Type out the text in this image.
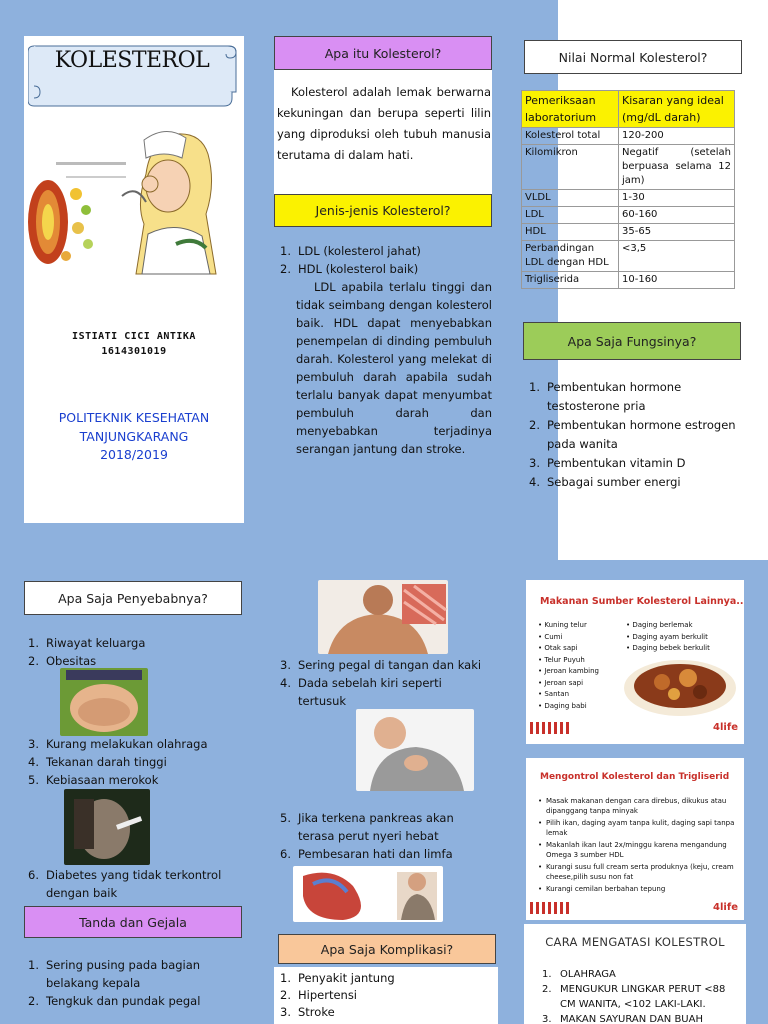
KOLESTEROL
ISTIATI CICI ANTIKA
1614301019
POLITEKNIK KESEHATAN
TANJUNGKARANG
2018/2019
Apa itu Kolesterol?
Kolesterol adalah lemak berwarna kekuningan dan berupa seperti lilin yang diproduksi oleh tubuh manusia terutama di dalam hati.
Jenis-jenis Kolesterol?
1. LDL (kolesterol jahat)
2. HDL (kolesterol baik)
LDL apabila terlalu tinggi dan tidak seimbang dengan kolesterol baik. HDL dapat menyebabkan penempelan di dinding pembuluh darah. Kolesterol yang melekat di pembuluh darah apabila sudah terlalu banyak dapat menyumbat pembuluh darah dan menyebabkan terjadinya serangan jantung dan stroke.
Nilai Normal Kolesterol?
Pemeriksaan laboratorium	Kisaran yang ideal (mg/dL darah)
Kolesterol total	120-200
Kilomikron	Negatif (setelah berpuasa selama 12 jam)
VLDL	1-30
LDL	60-160
HDL	35-65
Perbandingan LDL dengan HDL	<3,5
Trigliserida	10-160
Apa Saja Fungsinya?
1. Pembentukan hormone testosterone pria
2. Pembentukan hormone estrogen pada wanita
3. Pembentukan vitamin D
4. Sebagai sumber energi
Apa Saja Penyebabnya?
1. Riwayat keluarga
2. Obesitas
3. Kurang melakukan olahraga
4. Tekanan darah tinggi
5. Kebiasaan merokok
6. Diabetes yang tidak terkontrol dengan baik
Tanda dan Gejala
1. Sering pusing pada bagian belakang kepala
2. Tengkuk dan pundak pegal
3. Sering pegal di tangan dan kaki
4. Dada sebelah kiri seperti tertusuk
5. Jika terkena pankreas akan terasa perut nyeri hebat
6. Pembesaran hati dan limfa
Apa Saja Komplikasi?
1. Penyakit jantung
2. Hipertensi
3. Stroke
Makanan Sumber Kolesterol Lainnya..
• Kuning telur
• Cumi
• Otak sapi
• Telur Puyuh
• Jeroan kambing
• Jeroan sapi
• Santan
• Daging babi
• Daging berlemak
• Daging ayam berkulit
• Daging bebek berkulit
4life
Mengontrol Kolesterol dan Trigliserid
• Masak makanan dengan cara direbus, dikukus atau dipanggang tanpa minyak
• Pilih ikan, daging ayam tanpa kulit, daging sapi tanpa lemak
• Makanlah ikan laut 2x/minggu karena mengandung Omega 3 sumber HDL
• Kurangi susu full cream serta produknya (keju, cream cheese,pilih susu non fat
• Kurangi cemilan berbahan tepung
4life
CARA MENGATASI KOLESTROL
1. OLAHRAGA
2. MENGUKUR LINGKAR PERUT <88 CM WANITA, <102 LAKI-LAKI.
3. MAKAN SAYURAN DAN BUAH
